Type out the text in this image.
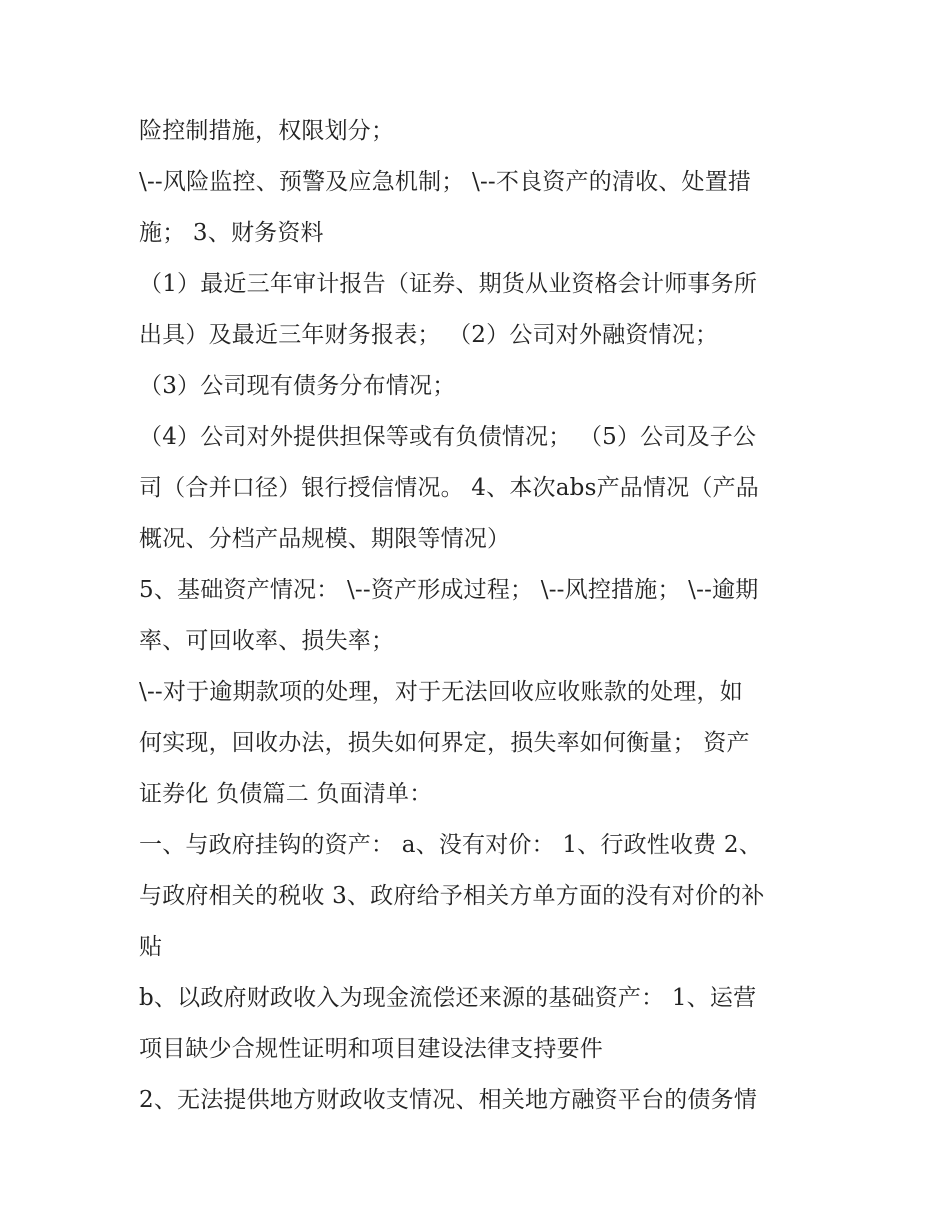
险控制措施，权限划分；
\--风险监控、预警及应急机制； \--不良资产的清收、处置措
施； 3、财务资料
（1）最近三年审计报告（证券、期货从业资格会计师事务所
出具）及最近三年财务报表； （2）公司对外融资情况；
（3）公司现有债务分布情况；
（4）公司对外提供担保等或有负债情况； （5）公司及子公
司（合并口径）银行授信情况。 4、本次abs产品情况（产品
概况、分档产品规模、期限等情况）
5、基础资产情况： \--资产形成过程； \--风控措施； \--逾期
率、可回收率、损失率；
\--对于逾期款项的处理，对于无法回收应收账款的处理，如
何实现，回收办法，损失如何界定，损失率如何衡量； 资产
证券化 负债篇二 负面清单：
一、与政府挂钩的资产： a、没有对价： 1、行政性收费 2、
与政府相关的税收 3、政府给予相关方单方面的没有对价的补
贴
b、以政府财政收入为现金流偿还来源的基础资产： 1、运营
项目缺少合规性证明和项目建设法律支持要件
2、无法提供地方财政收支情况、相关地方融资平台的债务情
